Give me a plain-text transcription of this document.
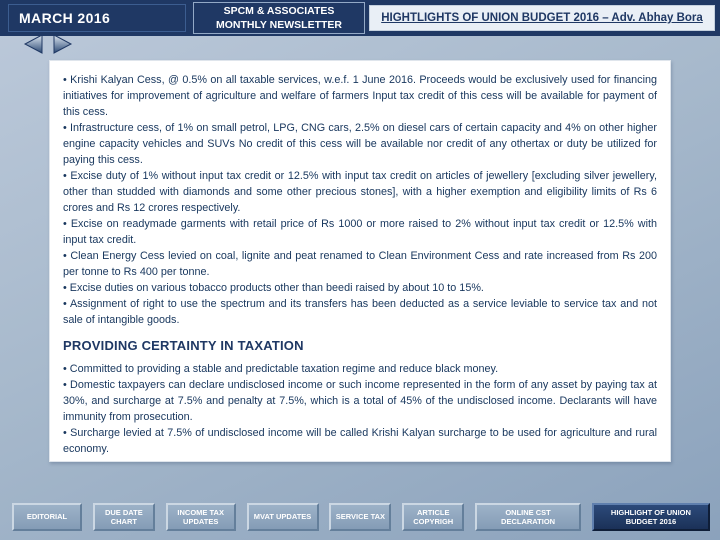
MARCH 2016	SPCM & ASSOCIATES
MONTHLY NEWSLETTER
HIGHTLIGHTS OF UNION BUDGET 2016 – Adv. Abhay Bora

• Krishi Kalyan Cess, @ 0.5% on all taxable services, w.e.f. 1 June 2016. Proceeds would be exclusively used for financing initiatives for improvement of agriculture and welfare of farmers Input tax credit of this cess will be available for payment of this cess.

• Infrastructure cess, of 1% on small petrol, LPG, CNG cars, 2.5% on diesel cars of certain capacity and 4% on other higher engine capacity vehicles and SUVs No credit of this cess will be available nor credit of any othertax or duty be utilized for paying this cess.

• Excise duty of 1% without input tax credit or 12.5% with input tax credit on articles of jewellery [excluding silver jewellery, other than studded with diamonds and some other precious stones], with a higher exemption and eligibility limits of Rs 6 crores and Rs 12 crores respectively.

• Excise on readymade garments with retail price of Rs 1000 or more raised to 2% without input tax credit or 12.5% with input tax credit.

• Clean Energy Cess levied on coal, lignite and peat renamed to Clean Environment Cess and rate increased from Rs 200 per tonne to Rs 400 per tonne.

• Excise duties on various tobacco products other than beedi raised by about 10 to 15%.

• Assignment of right to use the spectrum and its transfers has been deducted as a service leviable to service tax and not sale of intangible goods.

PROVIDING CERTAINTY IN TAXATION

• Committed to providing a stable and predictable taxation regime and reduce black money.

• Domestic taxpayers can declare undisclosed income or such income represented in the form of any asset by paying tax at 30%, and surcharge at 7.5% and penalty at 7.5%, which is a total of 45% of the undisclosed income. Declarants will have immunity from prosecution.

• Surcharge levied at 7.5% of undisclosed income will be called Krishi Kalyan surcharge to be used for agriculture and rural economy.

EDITORIAL
DUE DATE CHART
INCOME TAX UPDATES
MVAT UPDATES	SERVICE TAX
ARTICLE COPYRIGH
ONLINE CST DECLARATION
HIGHLIGHT OF UNION BUDGET 2016
